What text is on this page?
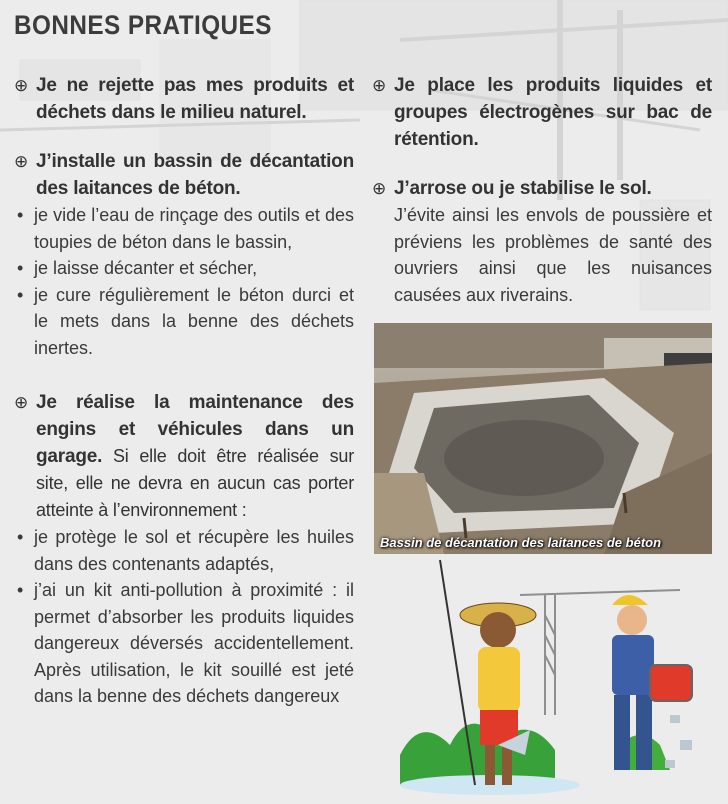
BONNES PRATIQUES
⊕ Je ne rejette pas mes produits et déchets dans le milieu naturel.
⊕ J’installe un bassin de décantation des laitances de béton.
• je vide l’eau de rinçage des outils et des toupies de béton dans le bassin,
• je laisse décanter et sécher,
• je cure régulièrement le béton durci et le mets dans la benne des déchets inertes.
⊕ Je réalise la maintenance des engins et véhicules dans un garage. Si elle doit être réalisée sur site, elle ne devra en aucun cas porter atteinte à l’environnement :
• je protège le sol et récupère les huiles dans des contenants adaptés,
• j’ai un kit anti-pollution à proximité : il permet d’absorber les produits liquides dangereux déversés accidentellement. Après utilisation, le kit souillé est jeté dans la benne des déchets dangereux
⊕ Je place les produits liquides et groupes électrogènes sur bac de rétention.
⊕ J’arrose ou je stabilise le sol.
J’évite ainsi les envols de poussière et préviens les problèmes de santé des ouvriers ainsi que les nuisances causées aux riverains.
Bassin de décantation des laitances de béton
